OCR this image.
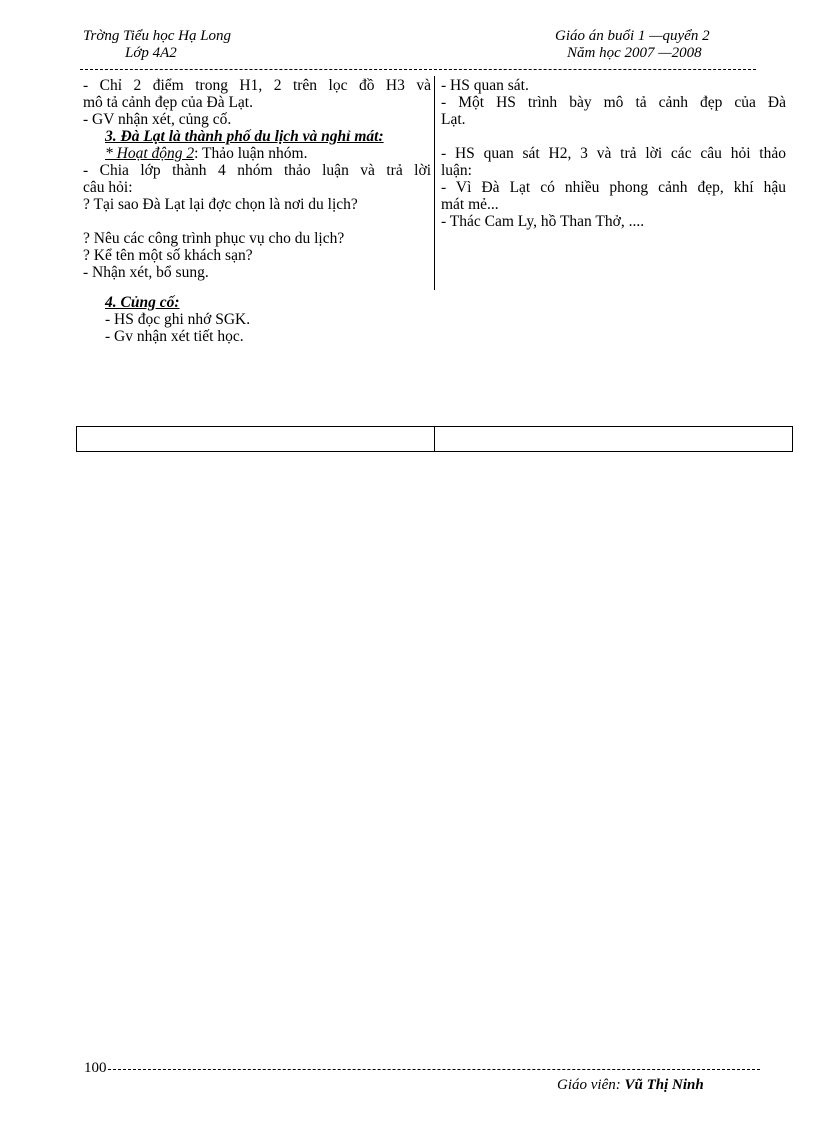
Trờng Tiểu học Hạ Long
Lớp 4A2
Giáo án buổi 1 —quyển 2
Năm học 2007 —2008
- Chỉ 2 điểm trong H1, 2 trên lọc đồ H3 và
mô tả cảnh đẹp của Đà Lạt.
- GV nhận xét, củng cố.
3. Đà Lạt là thành phố du lịch và nghỉ mát:
* Hoạt động 2: Thảo luận nhóm.
- Chia lớp thành 4 nhóm thảo luận và trả lời
câu hỏi:
? Tại sao Đà Lạt lại đợc chọn là nơi du lịch?
? Nêu các công trình phục vụ cho du lịch?
? Kể tên một số khách sạn?
- Nhận xét, bổ sung.
- HS quan sát.
- Một HS trình bày mô tả cảnh đẹp của Đà
Lạt.
- HS quan sát H2, 3 và trả lời các câu hỏi thảo
luận:
- Vì Đà Lạt có nhiều phong cảnh đẹp, khí hậu
mát mẻ...
- Thác Cam Ly, hồ Than Thở, ....
4. Củng cố:
- HS đọc ghi nhớ SGK.
- Gv nhận xét tiết học.
100
Giáo viên: Vũ Thị Ninh
